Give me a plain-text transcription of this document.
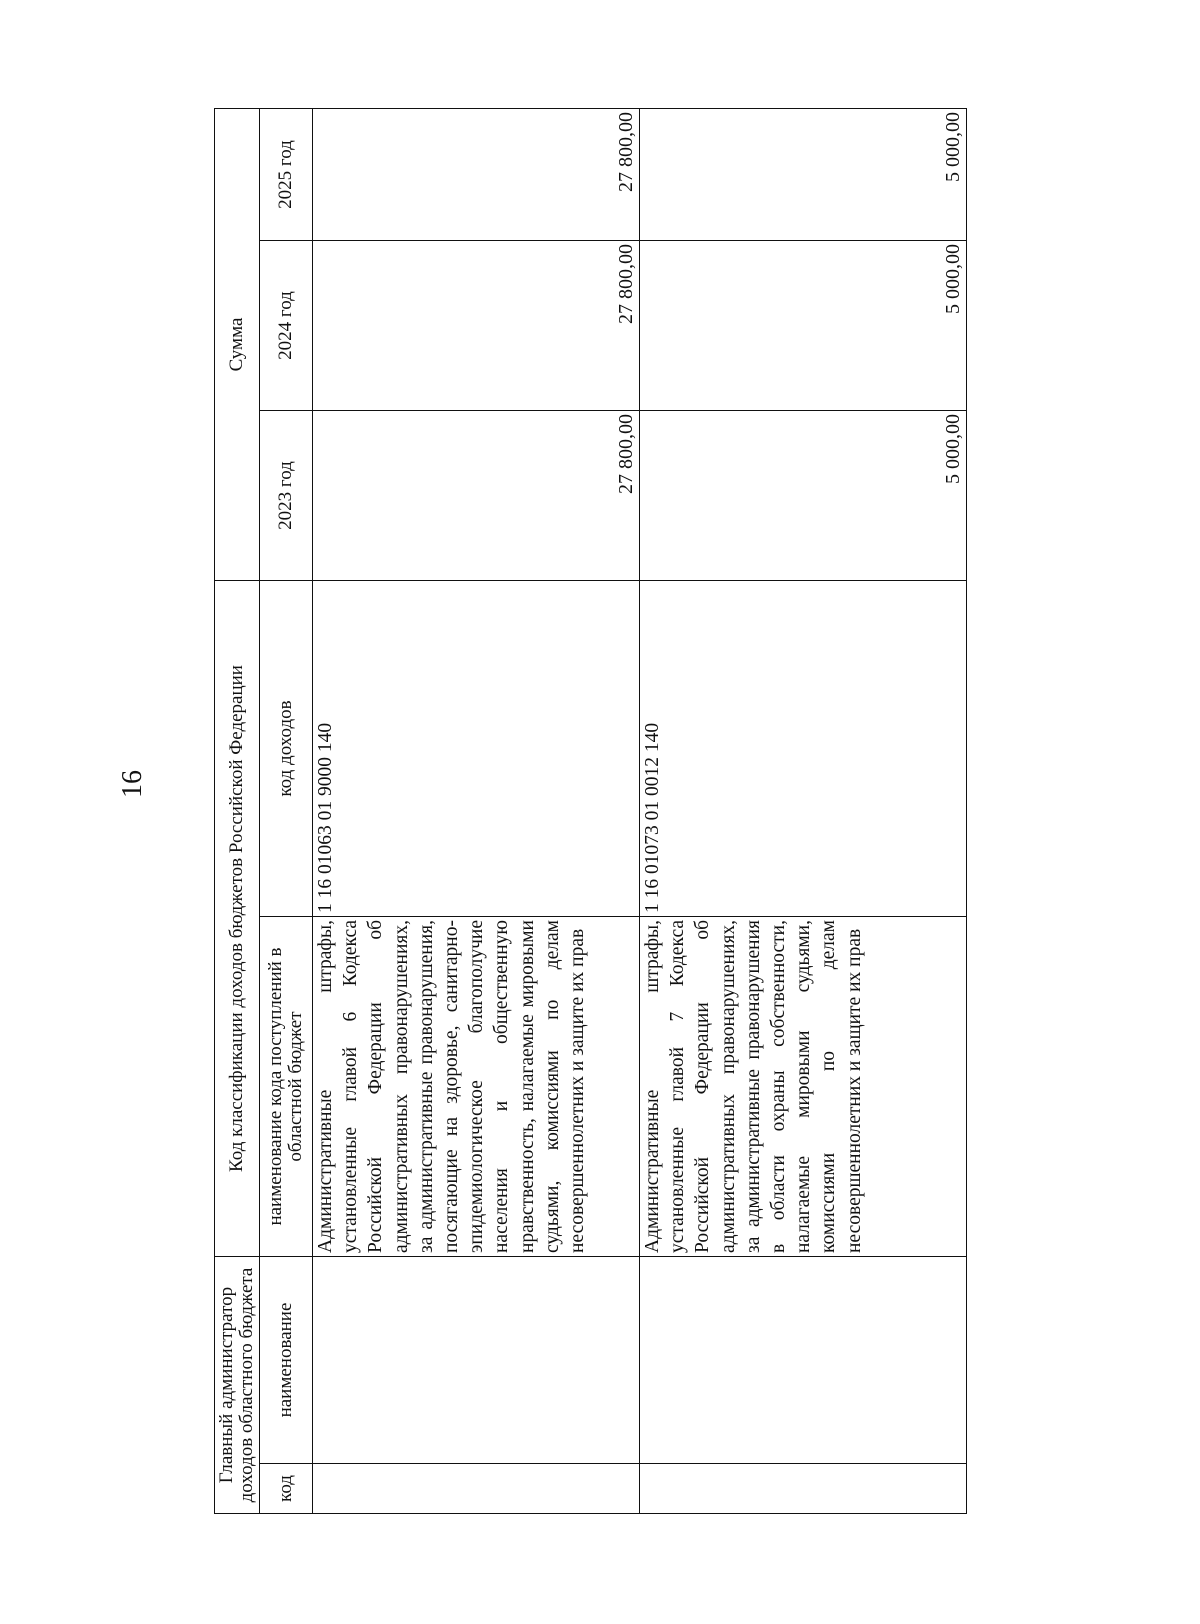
16
Главный администратор доходов областного бюджета		Код классификации доходов бюджетов Российской Федерации		Сумма		
код	наименование	наименование кода поступлений в областной бюджет	код доходов	2023 год	2024 год	2025 год
		Административные штрафы, установленные главой 6 Кодекса Российской Федерации об административных правонарушениях, за административные правонарушения, посягающие на здоровье, санитарно-эпидемиологическое благополучие населения и общественную нравственность, налагаемые мировыми судьями, комиссиями по делам несовершеннолетних и защите их прав	1 16 01063 01 9000 140	27 800,00	27 800,00	27 800,00
		Административные штрафы, установленные главой 7 Кодекса Российской Федерации об административных правонарушениях, за административные правонарушения в области охраны собственности, налагаемые мировыми судьями, комиссиями по делам несовершеннолетних и защите их прав	1 16 01073 01 0012 140	5 000,00	5 000,00	5 000,00
